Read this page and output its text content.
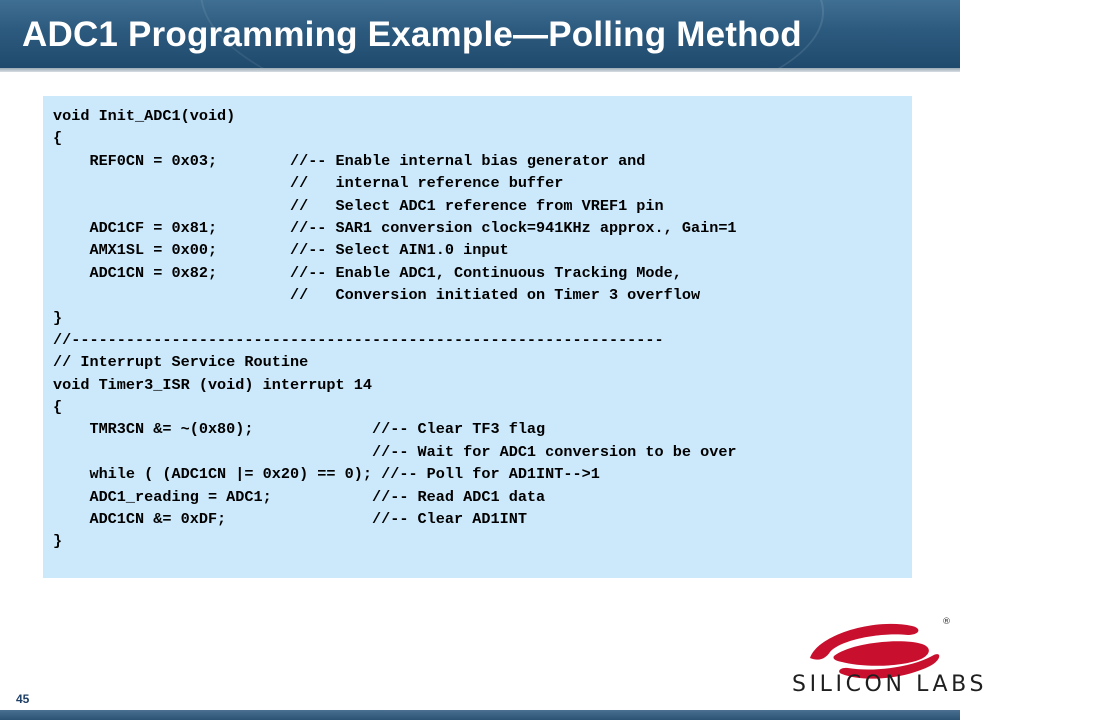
ADC1 Programming Example—Polling Method
void Init_ADC1(void)
{
REF0CN = 0x03;        //-- Enable internal bias generator and
//   internal reference buffer
//   Select ADC1 reference from VREF1 pin
ADC1CF = 0x81;        //-- SAR1 conversion clock=941KHz approx., Gain=1
AMX1SL = 0x00;        //-- Select AIN1.0 input
ADC1CN = 0x82;        //-- Enable ADC1, Continuous Tracking Mode,
//   Conversion initiated on Timer 3 overflow
}
//-----------------------------------------------------------------
// Interrupt Service Routine
void Timer3_ISR (void) interrupt 14
{
TMR3CN &= ~(0x80);             //-- Clear TF3 flag
//-- Wait for ADC1 conversion to be over
while ( (ADC1CN |= 0x20) == 0); //-- Poll for AD1INT-->1
ADC1_reading = ADC1;           //-- Read ADC1 data
ADC1CN &= 0xDF;                //-- Clear AD1INT
}
®
SILICON LABS
45
